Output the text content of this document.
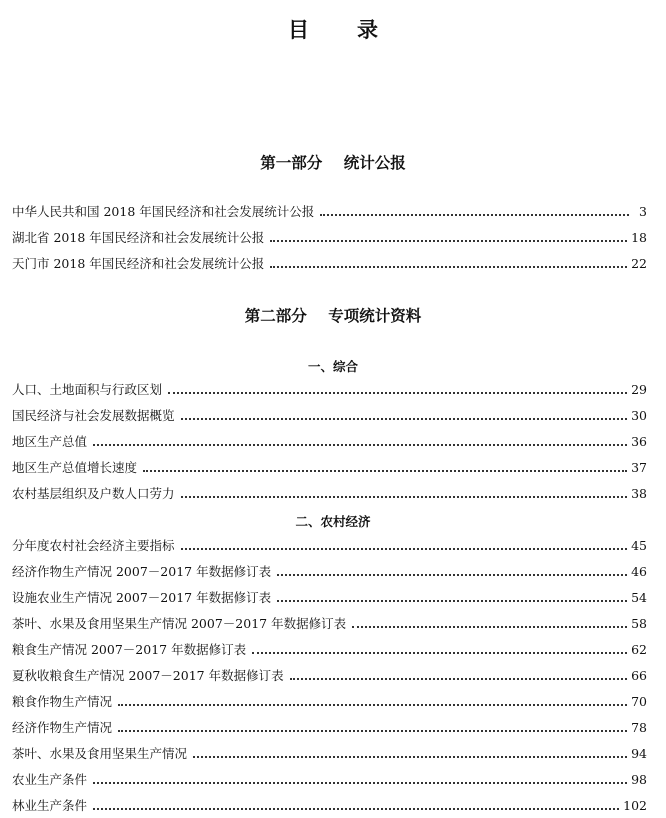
目录
第一部分    统计公报
中华人民共和国 2018 年国民经济和社会发展统计公报	3
湖北省 2018 年国民经济和社会发展统计公报	18
天门市 2018 年国民经济和社会发展统计公报	22
第二部分    专项统计资料
一、综合
人口、土地面积与行政区划	29
国民经济与社会发展数据概览	30
地区生产总值	36
地区生产总值增长速度	37
农村基层组织及户数人口劳力	38
二、农村经济
分年度农村社会经济主要指标	45
经济作物生产情况 2007－2017 年数据修订表	46
设施农业生产情况 2007－2017 年数据修订表	54
茶叶、水果及食用坚果生产情况 2007－2017 年数据修订表	58
粮食生产情况 2007－2017 年数据修订表	62
夏秋收粮食生产情况 2007－2017 年数据修订表	66
粮食作物生产情况	70
经济作物生产情况	78
茶叶、水果及食用坚果生产情况	94
农业生产条件	98
林业生产条件	102
